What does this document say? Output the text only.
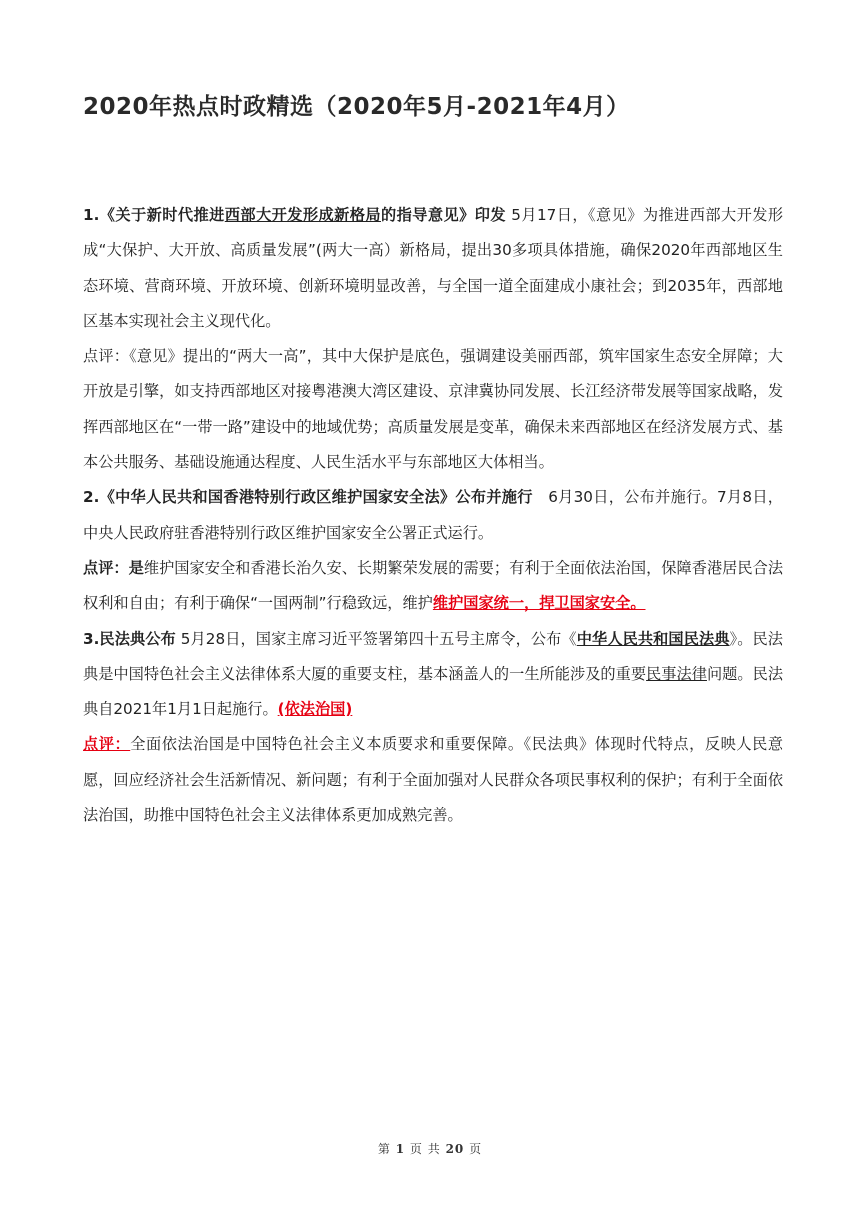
2020年热点时政精选（2020年5月-2021年4月）

1.《关于新时代推进西部大开发形成新格局的指导意见》印发 5月17日，《意见》为推进西部大开发形成“大保护、大开放、高质量发展”(两大一高）新格局，提出30多项具体措施，确保2020年西部地区生态环境、营商环境、开放环境、创新环境明显改善，与全国一道全面建成小康社会；到2035年，西部地区基本实现社会主义现代化。

点评：《意见》提出的“两大一高”，其中大保护是底色，强调建设美丽西部，筑牢国家生态安全屏障；大开放是引擎，如支持西部地区对接粤港澳大湾区建设、京津冀协同发展、长江经济带发展等国家战略，发挥西部地区在“一带一路”建设中的地域优势；高质量发展是变革，确保未来西部地区在经济发展方式、基本公共服务、基础设施通达程度、人民生活水平与东部地区大体相当。

2.《中华人民共和国香港特别行政区维护国家安全法》公布并施行　6月30日，公布并施行。7月8日，中央人民政府驻香港特别行政区维护国家安全公署正式运行。

点评：是维护国家安全和香港长治久安、长期繁荣发展的需要；有利于全面依法治国，保障香港居民合法权利和自由；有利于确保“一国两制”行稳致远，维护维护国家统一，捍卫国家安全。

3.民法典公布 5月28日，国家主席习近平签署第四十五号主席令，公布《中华人民共和国民法典》。民法典是中国特色社会主义法律体系大厦的重要支柱，基本涵盖人的一生所能涉及的重要民事法律问题。民法典自2021年1月1日起施行。(依法治国)

点评：全面依法治国是中国特色社会主义本质要求和重要保障。《民法典》体现时代特点，反映人民意愿，回应经济社会生活新情况、新问题；有利于全面加强对人民群众各项民事权利的保护；有利于全面依法治国，助推中国特色社会主义法律体系更加成熟完善。

第 1 页 共 20 页
